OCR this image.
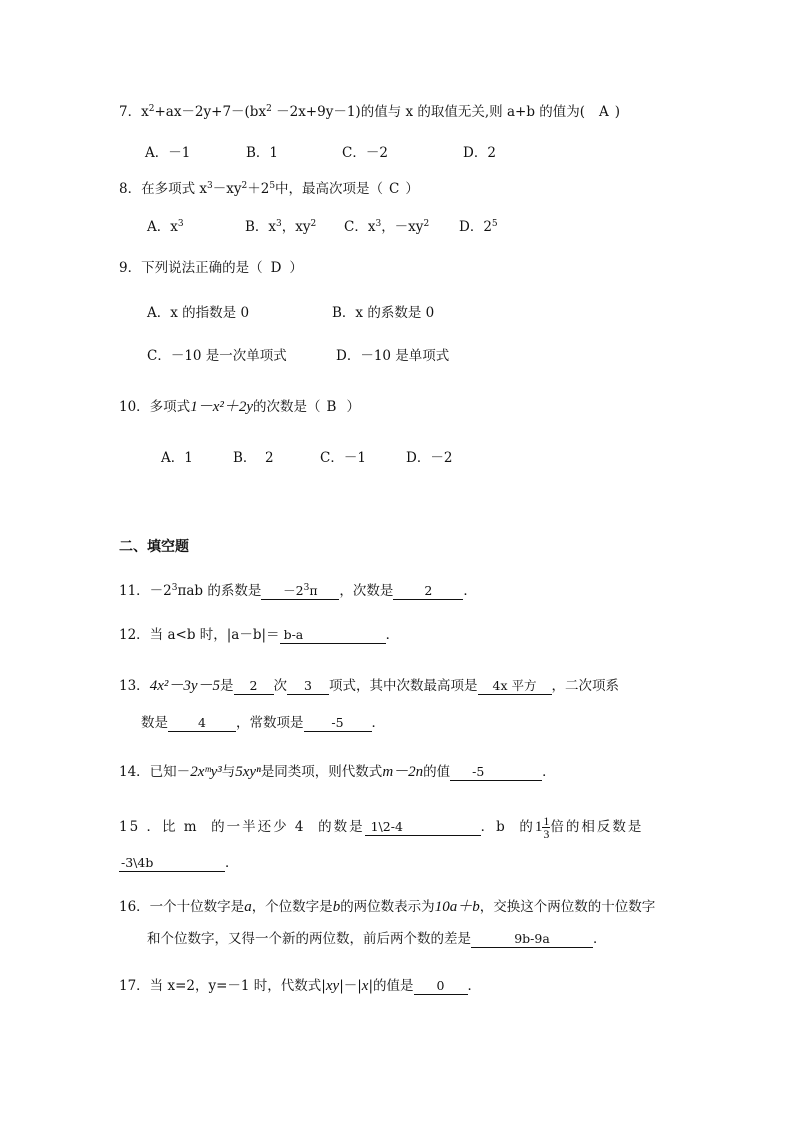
7．$x^2+ax-2y+7-(bx^2 -2x+9y-1)$的值与 x 的取值无关,则 a+b 的值为( A )
A．－1	B．1	C．－2	D．2
8．在多项式 $x^3-xy^2+2^5$中，最高次项是（ C ）
A．$x^3$	B．$x^3$，$xy^2$ C．$x^3$，$-xy^2$ D．$2^5$
9．下列说法正确的是（ D ）
A．x 的指数是 0	B．x 的系数是 0
C．－10 是一次单项式	D．－10 是单项式
10．多项式1－x²＋2y的次数是（ B ）
A．1	B．  2	C．－1	D．－2
二、填空题
11．$-2^3\pi ab$ 的系数是 $-2^3\pi$ ，次数是 2 ．
12．当 a<b 时，|a－b|＝ b-a	．
13．4x²－3y－5是 2 次 3 项式，其中次数最高项是 4x 平方 ，二次项系
数是 4 ，常数项是 -5 ．
14．已知－2xᵐy³与5xyⁿ是同类项，则代数式m－2n的值 -5	．
15 ．比 m  的一半还少 4  的数是 1\2-4	．b  的$1 \frac{1}{3}$ 倍的相反数是
-3\4b	．
16．一个十位数字是a，个位数字是b的两位数表示为10a＋b，交换这个两位数的十位数字
和个位数字，又得一个新的两位数，前后两个数的差是	9b-9a	．
17．当 x=2，y=－1 时，代数式|xy|－|x|的值是 0 ．
